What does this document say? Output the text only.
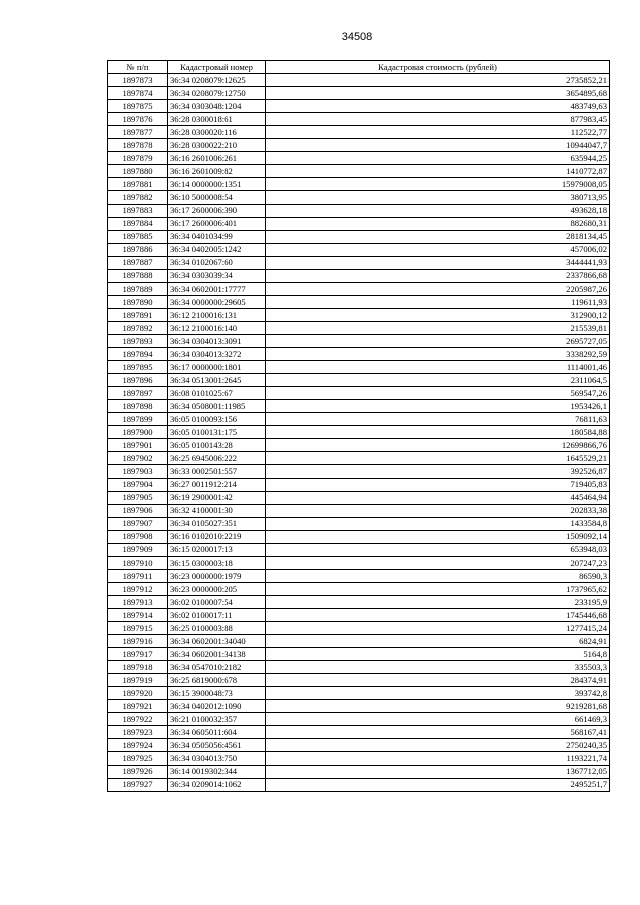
34508
№ п/п	Кадастровый номер	Кадастровая стоимость (рублей)
1897873	36:34 0208079:12625	2735852,21
1897874	36:34 0208079:12750	3654895,68
1897875	36:34 0303048:1204	483749,63
1897876	36:28 0300018:61	877983,45
1897877	36:28 0300020:116	112522,77
1897878	36:28 0300022:210	10944047,7
1897879	36:16 2601006:261	635944,25
1897880	36:16 2601009:82	1410772,87
1897881	36:14 0000000:1351	15979008,05
1897882	36:10 5000008:54	380713,95
1897883	36:17 2600006:390	493628,18
1897884	36:17 2600006:401	882680,31
1897885	36:34 0401034:99	2818134,45
1897886	36:34 0402005:1242	457006,02
1897887	36:34 0102067:60	3444441,93
1897888	36:34 0303039:34	2337866,68
1897889	36:34 0602001:17777	2205987,26
1897890	36:34 0000000:29605	119611,93
1897891	36:12 2100016:131	312900,12
1897892	36:12 2100016:140	215539,81
1897893	36:34 0304013:3091	2695727,05
1897894	36:34 0304013:3272	3338292,59
1897895	36:17 0000000:1801	1114001,46
1897896	36:34 0513001:2645	2311064,5
1897897	36:08 0101025:67	569547,26
1897898	36:34 0508001:11985	1953426,1
1897899	36:05 0100093:156	76811,63
1897900	36:05 0100131:175	180584,88
1897901	36:05 0100143:28	12699866,76
1897902	36:25 6945006:222	1645529,21
1897903	36:33 0002501:557	392526,87
1897904	36:27 0011912:214	719405,83
1897905	36:19 2900001:42	445464,94
1897906	36:32 4100001:30	202833,38
1897907	36:34 0105027:351	1433584,8
1897908	36:16 0102010:2219	1509092,14
1897909	36:15 0200017:13	653948,03
1897910	36:15 0300003:18	207247,23
1897911	36:23 0000000:1979	86590,3
1897912	36:23 0000000:205	1737965,62
1897913	36:02 0100007:54	233195,9
1897914	36:02 0100017:11	1745446,68
1897915	36:25 0100003:88	1277415,24
1897916	36:34 0602001:34040	6824,91
1897917	36:34 0602001:34138	5164,8
1897918	36:34 0547010:2182	335503,3
1897919	36:25 6819000:678	284374,91
1897920	36:15 3900048:73	393742,8
1897921	36:34 0402012:1090	9219281,68
1897922	36:21 0100032:357	661469,3
1897923	36:34 0605011:604	568167,41
1897924	36:34 0505056:4561	2750240,35
1897925	36:34 0304013:750	1193221,74
1897926	36:14 0019302:344	1367712,05
1897927	36:34 0209014:1062	2495251,7
